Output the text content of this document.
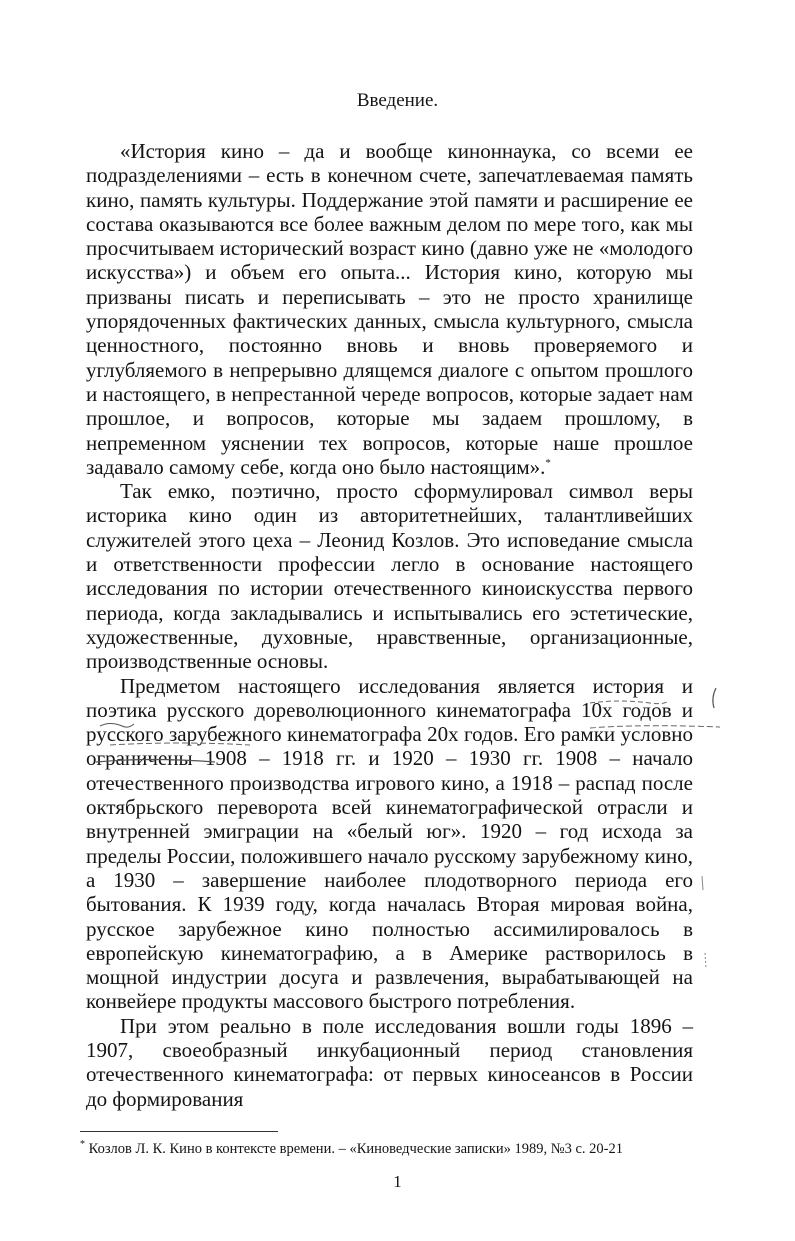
Введение.

«История кино – да и вообще киноннаука, со всеми ее подразделениями – есть в конечном счете, запечатлеваемая память кино, память культуры. Поддержание этой памяти и расширение ее состава оказываются все более важным делом по мере того, как мы просчитываем исторический возраст кино (давно уже не «молодого искусства») и объем его опыта... История кино, которую мы призваны писать и переписывать – это не просто хранилище упорядоченных фактических данных, смысла культурного, смысла ценностного, постоянно вновь и вновь проверяемого и углубляемого в непрерывно длящемся диалоге с опытом прошлого и настоящего, в непрестанной череде вопросов, которые задает нам прошлое, и вопросов, которые мы задаем прошлому, в непременном уяснении тех вопросов, которые наше прошлое задавало самому себе, когда оно было настоящим».*

Так емко, поэтично, просто сформулировал символ веры историка кино один из авторитетнейших, талантливейших служителей этого цеха – Леонид Козлов. Это исповедание смысла и ответственности профессии легло в основание настоящего исследования по истории отечественного киноискусства первого периода, когда закладывались и испытывались его эстетические, художественные, духовные, нравственные, организационные, производственные основы.

Предметом настоящего исследования является история и поэтика русского дореволюционного кинематографа 10х годов и русского зарубежного кинематографа 20х годов. Его рамки условно ограничены 1908 – 1918 гг. и 1920 – 1930 гг. 1908 – начало отечественного производства игрового кино, а 1918 – распад после октябрьского переворота всей кинематографической отрасли и внутренней эмиграции на «белый юг». 1920 – год исхода за пределы России, положившего начало русскому зарубежному кино, а 1930 – завершение наиболее плодотворного периода его бытования. К 1939 году, когда началась Вторая мировая война, русское зарубежное кино полностью ассимилировалось в европейскую кинематографию, а в Америке растворилось в мощной индустрии досуга и развлечения, вырабатывающей на конвейере продукты массового быстрого потребления.

При этом реально в поле исследования вошли годы 1896 – 1907, своеобразный инкубационный период становления отечественного кинематографа: от первых киносеансов в России до формирования

* Козлов Л. К. Кино в контексте времени. – «Киноведческие записки» 1989, №3 с. 20-21

1
